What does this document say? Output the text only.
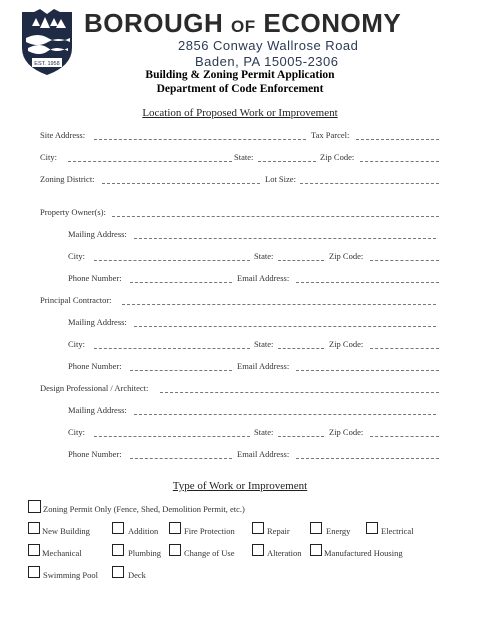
EST. 1958
BOROUGH OF ECONOMY
2856 Conway Wallrose Road
Baden, PA 15005-2306
Building & Zoning Permit Application
Department of Code Enforcement
Location of Proposed Work or Improvement
Site Address:	Tax Parcel:
City:	State:	Zip Code:
Zoning District:	Lot Size:
Property Owner(s):
Mailing Address:
City:	State:	Zip Code:
Phone Number:	Email Address:
Principal Contractor:
Mailing Address:
City:	State:	Zip Code:
Phone Number:	Email Address:
Design Professional / Architect:
Mailing Address:
City:	State:	Zip Code:
Phone Number:	Email Address:
Type of Work or Improvement
Zoning Permit Only (Fence, Shed, Demolition Permit, etc.)
New Building	Addition	Fire Protection	Repair	Energy	Electrical
Mechanical	Plumbing	Change of Use	Alteration	Manufactured Housing
Swimming Pool	Deck
